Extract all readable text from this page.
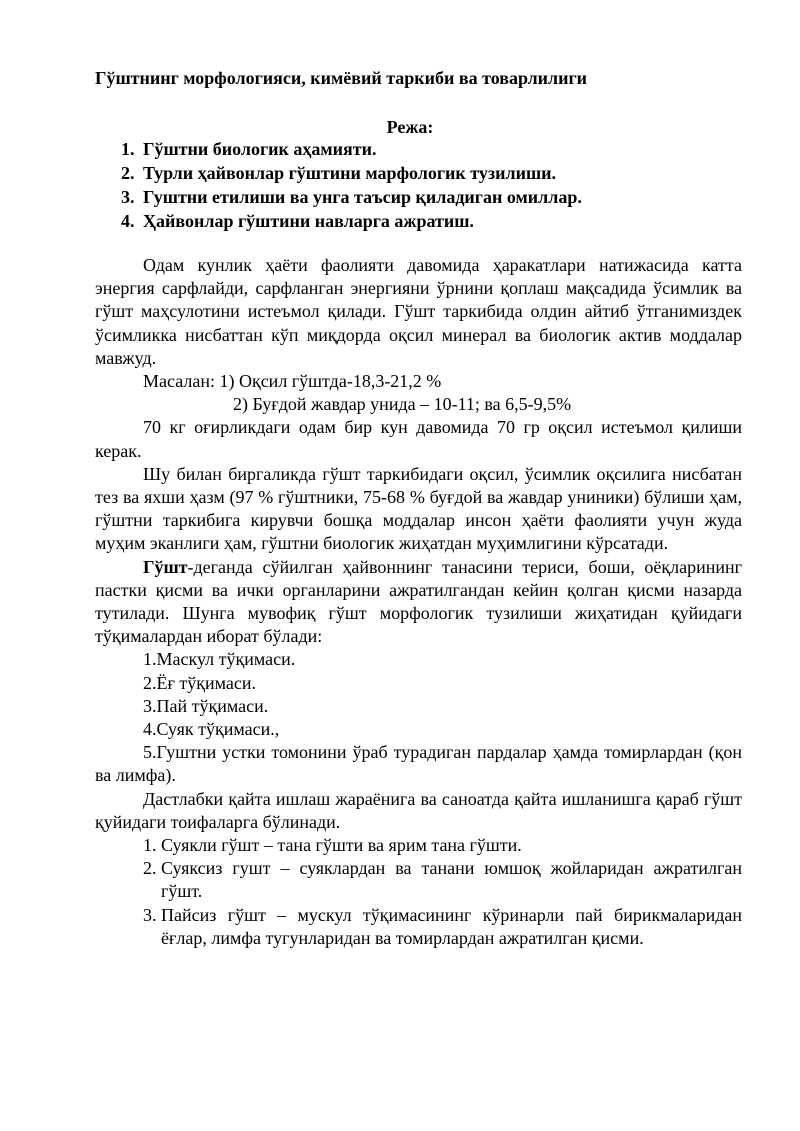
Гўштнинг морфологияси, кимёвий таркиби ва товарлилиги
Режа:
1. Гўштни биологик аҳамияти.
2. Турли ҳайвонлар гўштини марфологик тузилиши.
3. Гуштни етилиши ва унга таъсир қиладиган омиллар.
4. Ҳайвонлар гўштини навларга ажратиш.

Одам кунлик ҳаёти фаолияти давомида ҳаракатлари натижасида катта энергия сарфлайди, сарфланган энергияни ўрнини қоплаш мақсадида ўсимлик ва гўшт маҳсулотини истеъмол қилади. Гўшт таркибида олдин айтиб ўтганимиздек ўсимликка нисбаттан кўп миқдорда оқсил минерал ва биологик актив моддалар мавжуд.

Масалан: 1) Оқсил гўштда-18,3-21,2 %

2) Буғдой жавдар унида – 10-11; ва 6,5-9,5%

70 кг оғирликдаги одам бир кун давомида 70 гр оқсил истеъмол қилиши керак.

Шу билан биргаликда гўшт таркибидаги оқсил, ўсимлик оқсилига нисбатан тез ва яхши ҳазм (97 % гўштники, 75-68 % буғдой ва жавдар униники) бўлиши ҳам, гўштни таркибига кирувчи бошқа моддалар инсон ҳаёти фаолияти учун жуда муҳим эканлиги ҳам, гўштни биологик жиҳатдан муҳимлигини кўрсатади.

Гўшт-деганда сўйилган ҳайвоннинг танасини териси, боши, оёқларининг пастки қисми ва ички органларини ажратилгандан кейин қолган қисми назарда тутилади. Шунга мувофиқ гўшт морфологик тузилиши жиҳатидан қуйидаги тўқималардан иборат бўлади:

1.Маскул тўқимаси.

2.Ёғ тўқимаси.

3.Пай тўқимаси.

4.Суяк тўқимаси.,

5.Гуштни устки томонини ўраб турадиган пардалар ҳамда томирлардан (қон ва лимфа).

Дастлабки қайта ишлаш жараёнига ва саноатда қайта ишланишга қараб гўшт қуйидаги тоифаларга бўлинади.

1. Суякли гўшт – тана гўшти ва ярим тана гўшти.
2. Суяксиз гушт – суяклардан ва танани юмшоқ жойларидан ажратилган гўшт.
3. Пайсиз гўшт – мускул тўқимасининг кўринарли пай бирикмаларидан ёғлар, лимфа тугунларидан ва томирлардан ажратилган қисми.
